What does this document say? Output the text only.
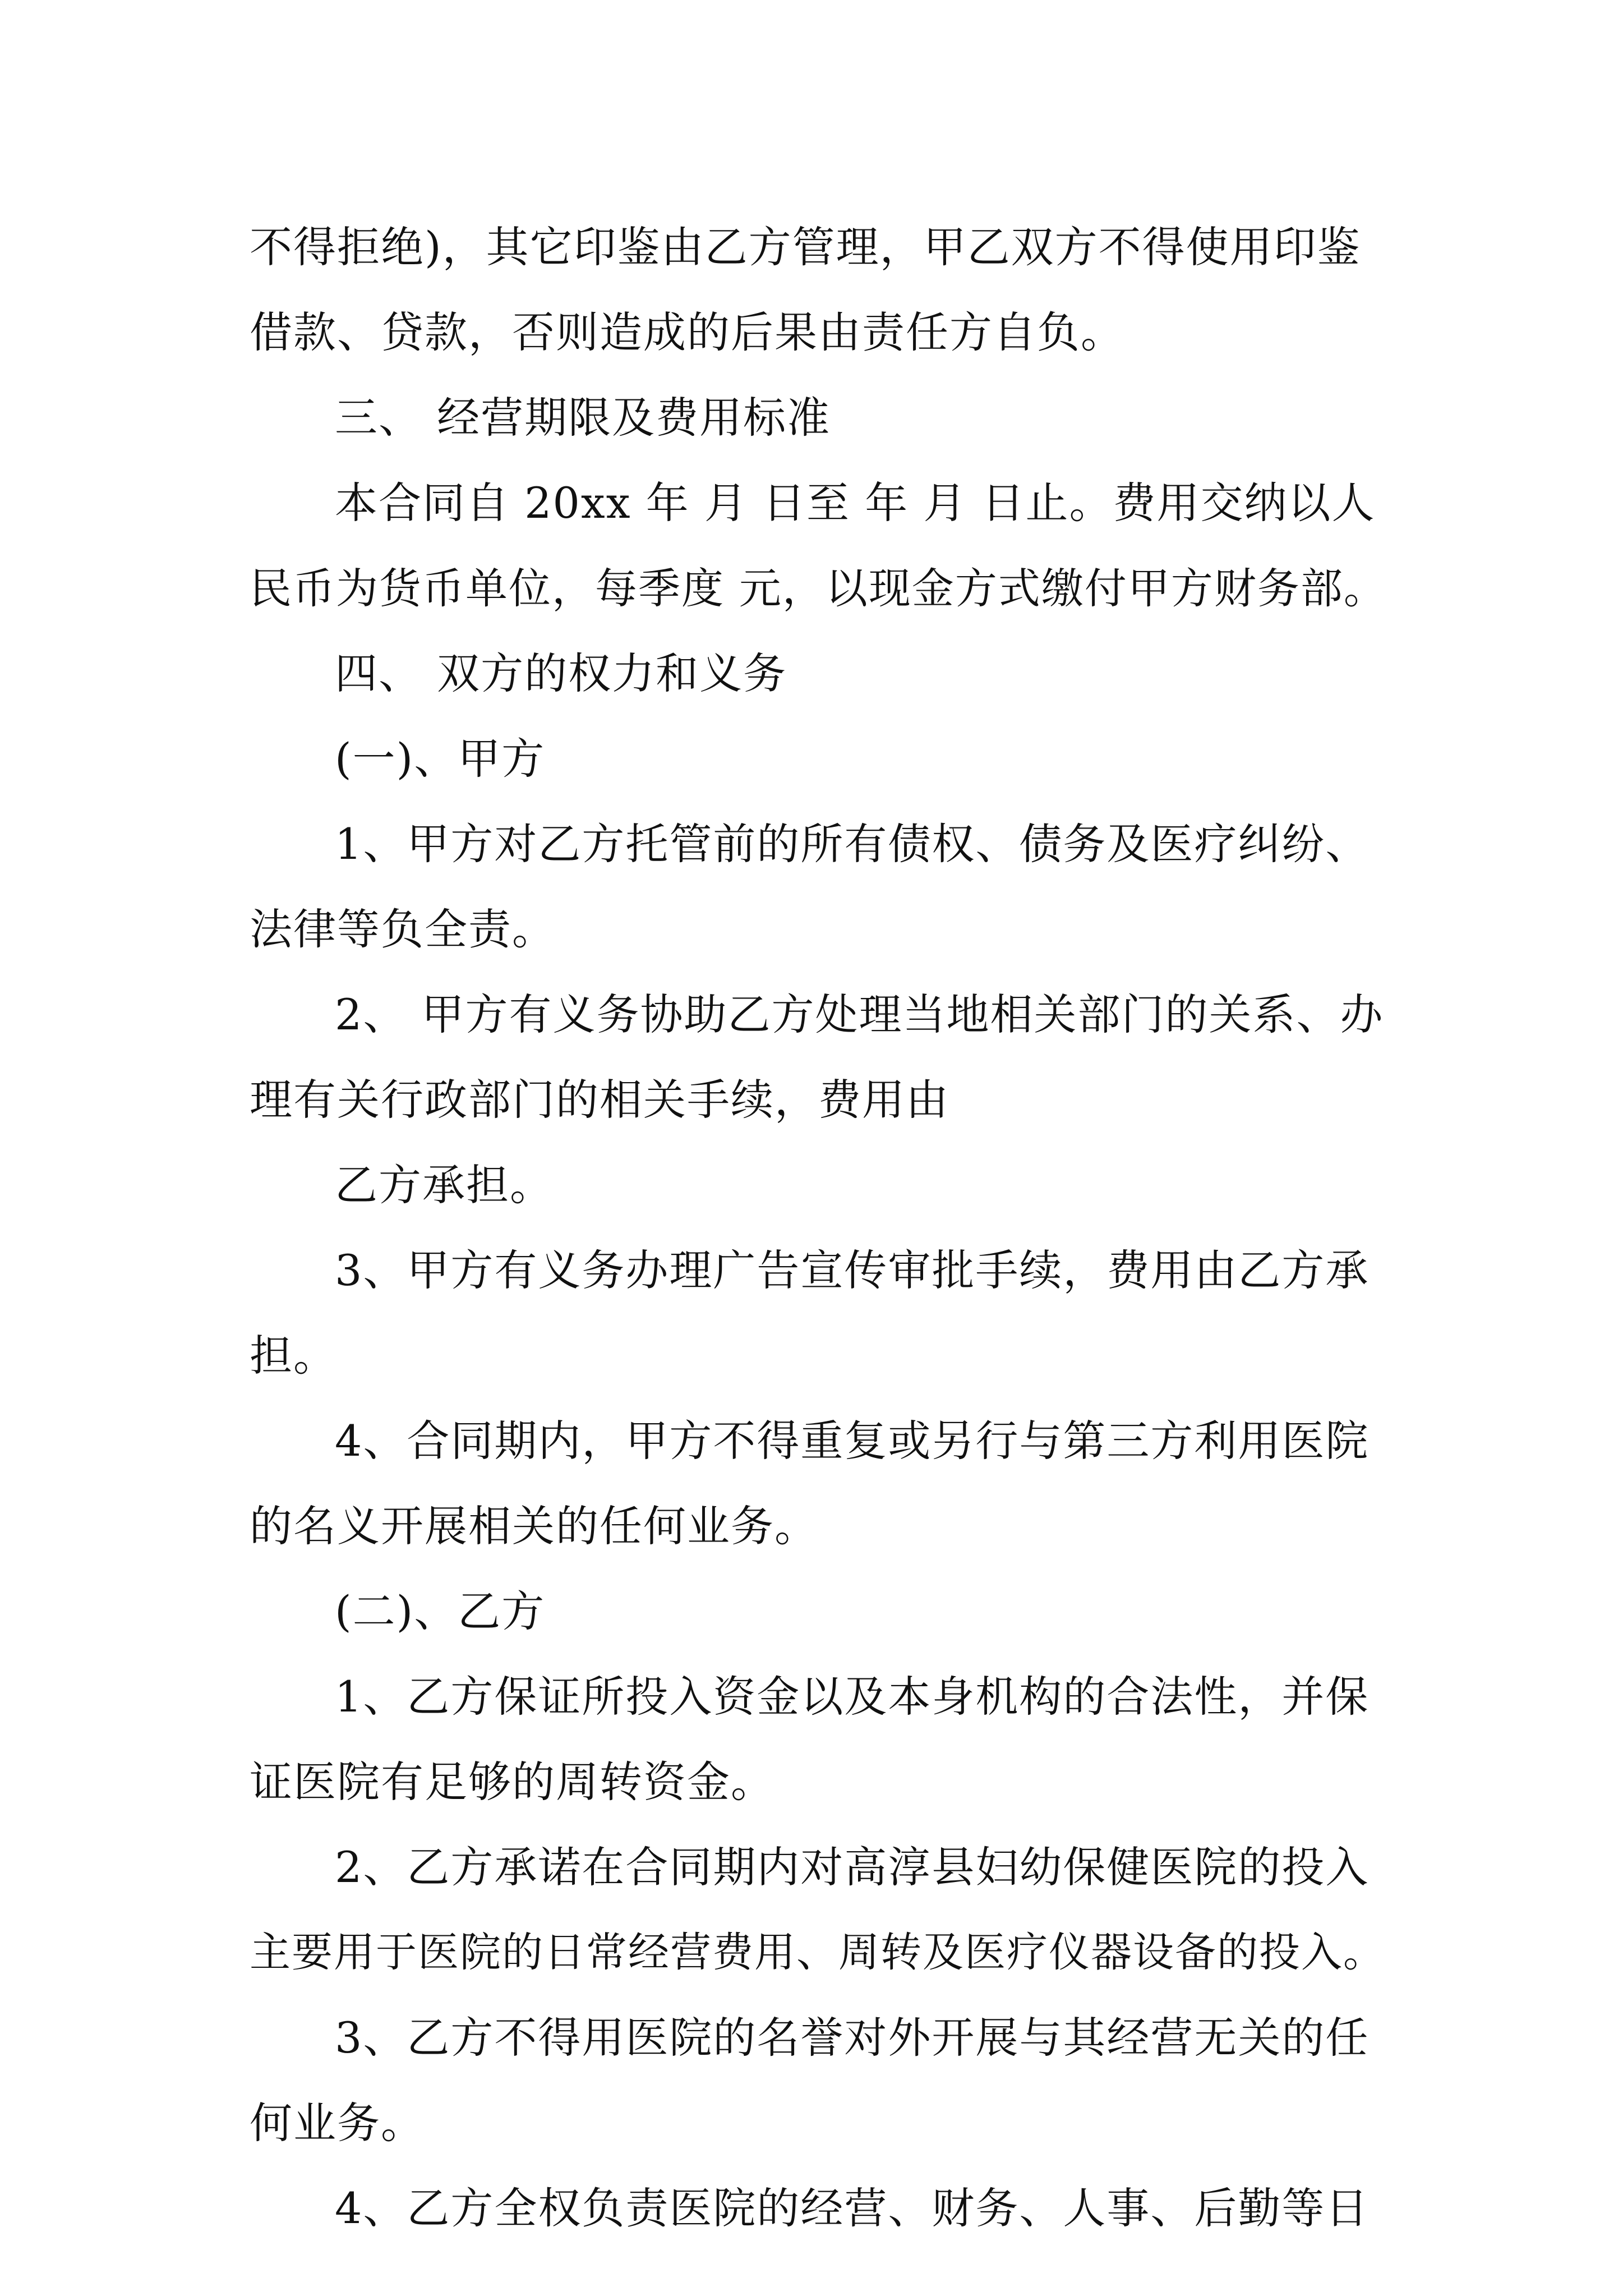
不得拒绝)，其它印鉴由乙方管理，甲乙双方不得使用印鉴
借款、贷款，否则造成的后果由责任方自负。
三、 经营期限及费用标准
本合同自 20xx 年 月 日至 年 月 日止。费用交纳以人
民币为货币单位，每季度 元，以现金方式缴付甲方财务部。
四、 双方的权力和义务
(一)、甲方
1、甲方对乙方托管前的所有债权、债务及医疗纠纷、
法律等负全责。
2、 甲方有义务协助乙方处理当地相关部门的关系、办
理有关行政部门的相关手续，费用由
乙方承担。
3、甲方有义务办理广告宣传审批手续，费用由乙方承
担。
4、合同期内，甲方不得重复或另行与第三方利用医院
的名义开展相关的任何业务。
(二)、乙方
1、乙方保证所投入资金以及本身机构的合法性，并保
证医院有足够的周转资金。
2、乙方承诺在合同期内对高淳县妇幼保健医院的投入
主要用于医院的日常经营费用、周转及医疗仪器设备的投入。
3、乙方不得用医院的名誉对外开展与其经营无关的任
何业务。
4、乙方全权负责医院的经营、财务、人事、后勤等日
